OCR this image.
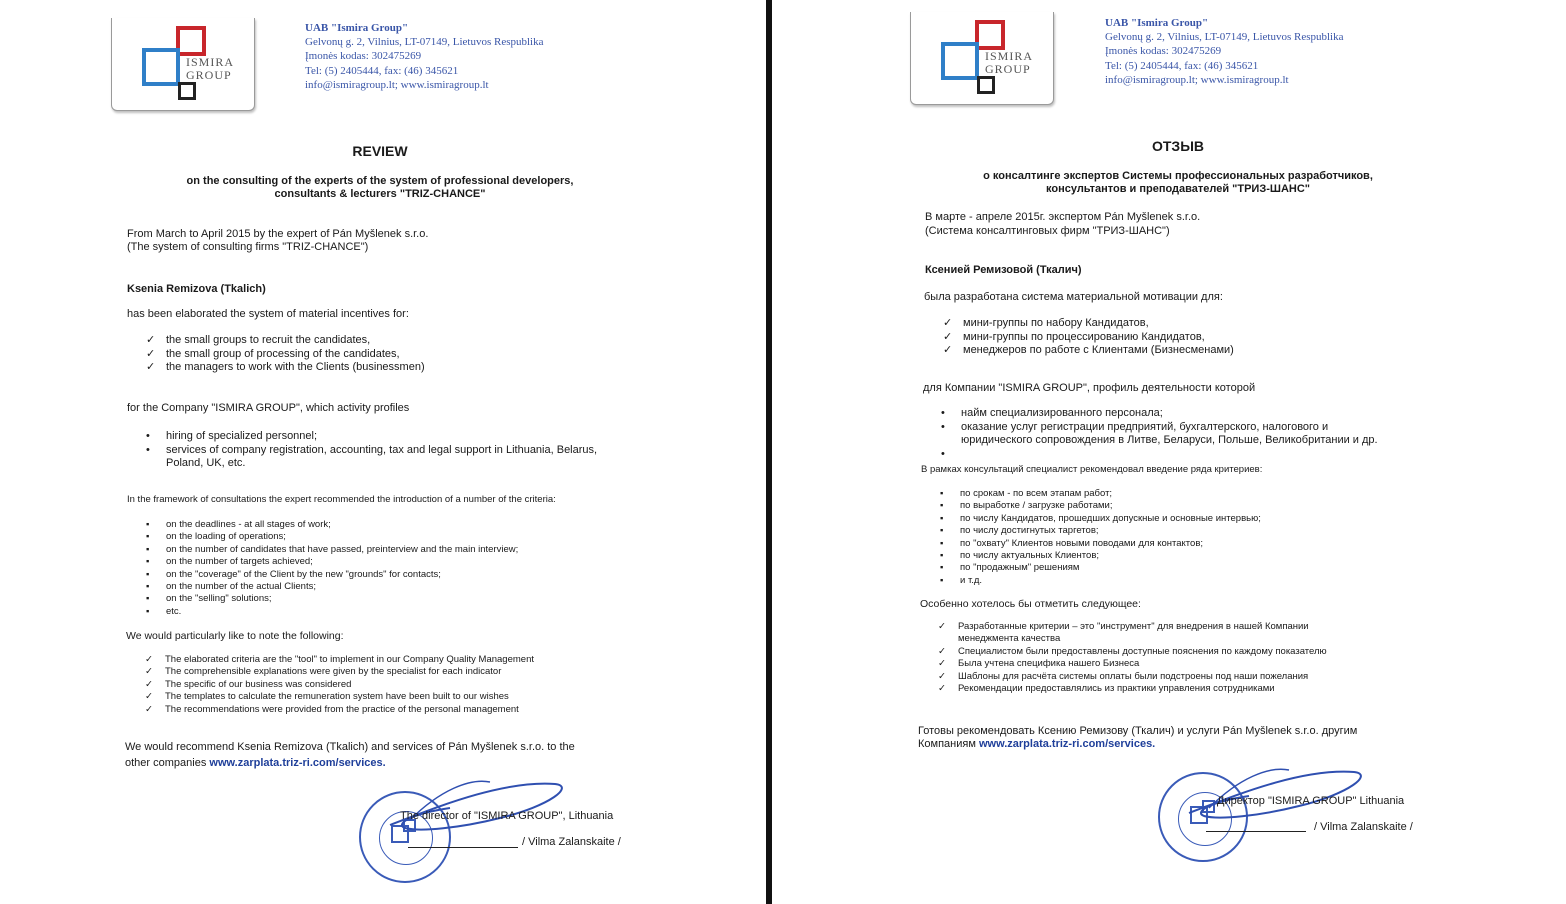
ISMIRA
GROUP
UAB "Ismira Group"
Gelvonų g. 2, Vilnius, LT-07149, Lietuvos Respublika
Įmonės kodas: 302475269
Tel: (5) 2405444, fax: (46) 345621
info@ismiragroup.lt; www.ismiragroup.lt
REVIEW
on the consulting of the experts of the system of professional developers,
consultants & lecturers "TRIZ-CHANCE"
From March to April 2015 by the expert of Pán Myšlenek s.r.o.
(The system of consulting firms "TRIZ-CHANCE")
Ksenia Remizova (Tkalich)
has been elaborated the system of material incentives for:
✓ the small groups to recruit the candidates,
✓ the small group of processing of the candidates,
✓ the managers to work with the Clients (businessmen)
for the Company "ISMIRA GROUP", which activity profiles
• hiring of specialized personnel;
• services of company registration, accounting, tax and legal support in Lithuania, Belarus,
Poland, UK, etc.
In the framework of consultations the expert recommended the introduction of a number of the criteria:
▪ on the deadlines - at all stages of work;
▪ on the loading of operations;
▪ on the number of candidates that have passed, preinterview and the main interview;
▪ on the number of targets achieved;
▪ on the "coverage" of the Client by the new "grounds" for contacts;
▪ on the number of the actual Clients;
▪ on the "selling" solutions;
▪ etc.
We would particularly like to note the following:
✓ The elaborated criteria are the "tool" to implement in our Company Quality Management
✓ The comprehensible explanations were given by the specialist for each indicator
✓ The specific of our business was considered
✓ The templates to calculate the remuneration system have been built to our wishes
✓ The recommendations were provided from the practice of the personal management
We would recommend Ksenia Remizova (Tkalich) and services of Pán Myšlenek s.r.o. to the
other companies www.zarplata.triz-ri.com/services.
The director of "ISMIRA GROUP", Lithuania
/ Vilma Zalanskaite /
ISMIRA
GROUP
UAB "Ismira Group"
Gelvonų g. 2, Vilnius, LT-07149, Lietuvos Respublika
Įmonės kodas: 302475269
Tel: (5) 2405444, fax: (46) 345621
info@ismiragroup.lt; www.ismiragroup.lt
ОТЗЫВ
о консалтинге экспертов Системы профессиональных разработчиков,
консультантов и преподавателей "ТРИЗ-ШАНС"
В марте - апреле 2015г. экспертом Pán Myšlenek s.r.o.
(Система консалтинговых фирм "ТРИЗ-ШАНС")
Ксенией Ремизовой (Ткалич)
была разработана система материальной мотивации для:
✓ мини-группы по набору Кандидатов,
✓ мини-группы по процессированию Кандидатов,
✓ менеджеров по работе с Клиентами (Бизнесменами)
для Компании "ISMIRA GROUP", профиль деятельности которой
• найм специализированного персонала;
• оказание услуг регистрации предприятий, бухгалтерского, налогового и
юридического сопровождения в Литве, Беларуси, Польше, Великобритании и др.
•
В рамках консультаций специалист рекомендовал введение ряда критериев:
▪ по срокам - по всем этапам работ;
▪ по выработке / загрузке работами;
▪ по числу Кандидатов, прошедших допускные и основные интервью;
▪ по числу достигнутых таргетов;
▪ по "охвату" Клиентов новыми поводами для контактов;
▪ по числу актуальных Клиентов;
▪ по "продажным" решениям
▪ и т.д.
Особенно хотелось бы отметить следующее:
✓ Разработанные критерии – это "инструмент" для внедрения в нашей Компании
менеджмента качества
✓ Специалистом были предоставлены доступные пояснения по каждому показателю
✓ Была учтена специфика нашего Бизнеса
✓ Шаблоны для расчёта системы оплаты были подстроены под наши пожелания
✓ Рекомендации предоставлялись из практики управления сотрудниками
Готовы рекомендовать Ксению Ремизову (Ткалич) и услуги Pán Myšlenek s.r.o. другим
Компаниям www.zarplata.triz-ri.com/services.
Директор "ISMIRA GROUP" Lithuania
/ Vilma Zalanskaite /
